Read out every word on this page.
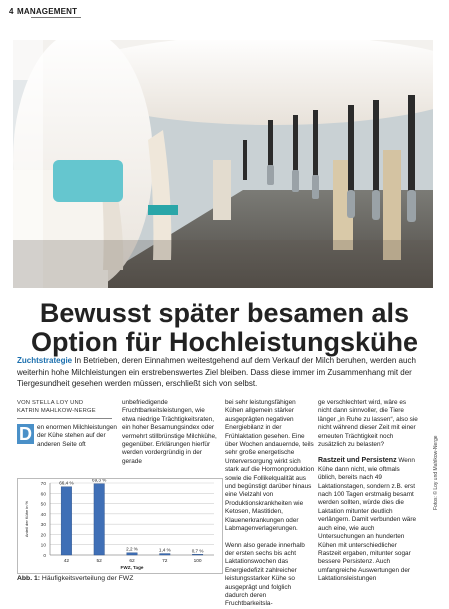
4 MANAGEMENT
Bewusst später besamen als
Option für Hochleistungskühe
Zuchtstrategie In Betrieben, deren Einnahmen weitestgehend auf dem Verkauf der Milch beruhen, werden auch weiterhin hohe Milchleistungen ein erstrebenswertes Ziel bleiben. Dass diese immer im Zusammenhang mit der Tiergesundheit gesehen werden müssen, erschließt sich von selbst.
VON STELLA LOY UND
KATRIN MAHLKOW-NERGE
D en enormen Milchleistungen der Kühe stehen auf der anderen Seite oft
unbefriedigende Fruchtbarkeitsleistungen, wie etwa niedrige Trächtigkeitsraten, ein hoher Besamungsindex oder vermehrt stillbrünstige Milchkühe, gegenüber. Erklärungen hierfür werden vordergründig in der gerade
bei sehr leistungsfähigen Kühen allgemein stärker ausgeprägten negativen Energiebilanz in der Frühlaktation gesehen. Eine über Wochen andauernde, teils sehr große energetische Unterversorgung wirkt sich stark auf die Hormonproduktion sowie die Follikelqualität aus und begünstigt darüber hinaus eine Vielzahl von Produktionskrankheiten wie Ketosen, Mastitiden, Klauenerkrankungen oder Labmagenverlagerungen.
Wenn also gerade innerhalb der ersten sechs bis acht Laktationswochen das Energiedefizit zahlreicher leistungsstarker Kühe so ausgeprägt und folglich dadurch deren Fruchtbarkeitsla-
ge verschlechtert wird, wäre es nicht dann sinnvoller, die Tiere länger „in Ruhe zu lassen“, also sie nicht während dieser Zeit mit einer erneuten Trächtigkeit noch zusätzlich zu belasten?
Rastzeit und Persistenz Wenn Kühe dann nicht, wie oftmals üblich, bereits nach 49 Laktationstagen, sondern z.B. erst nach 100 Tagen erstmalig besamt werden sollten, würde dies die Laktation mitunter deutlich verlängern. Damit verbunden wäre auch eine, wie auch Untersuchungen an hunderten Kühen mit unterschiedlicher Rastzeit ergaben, mitunter sogar bessere Persistenz. Auch umfangreiche Auswertungen der Laktationsleistungen
0
10
20
30
40
50
60
70	66,4 %
42
69,3 %
52
2,2 %
62
1,4 %
72
0,7 %
100
FWZ, Tage
Anteil der Kühe in %
Abb. 1: Häufigkeitsverteilung der FWZ
Fotos: © Loy und Mahlkow-Nerge
